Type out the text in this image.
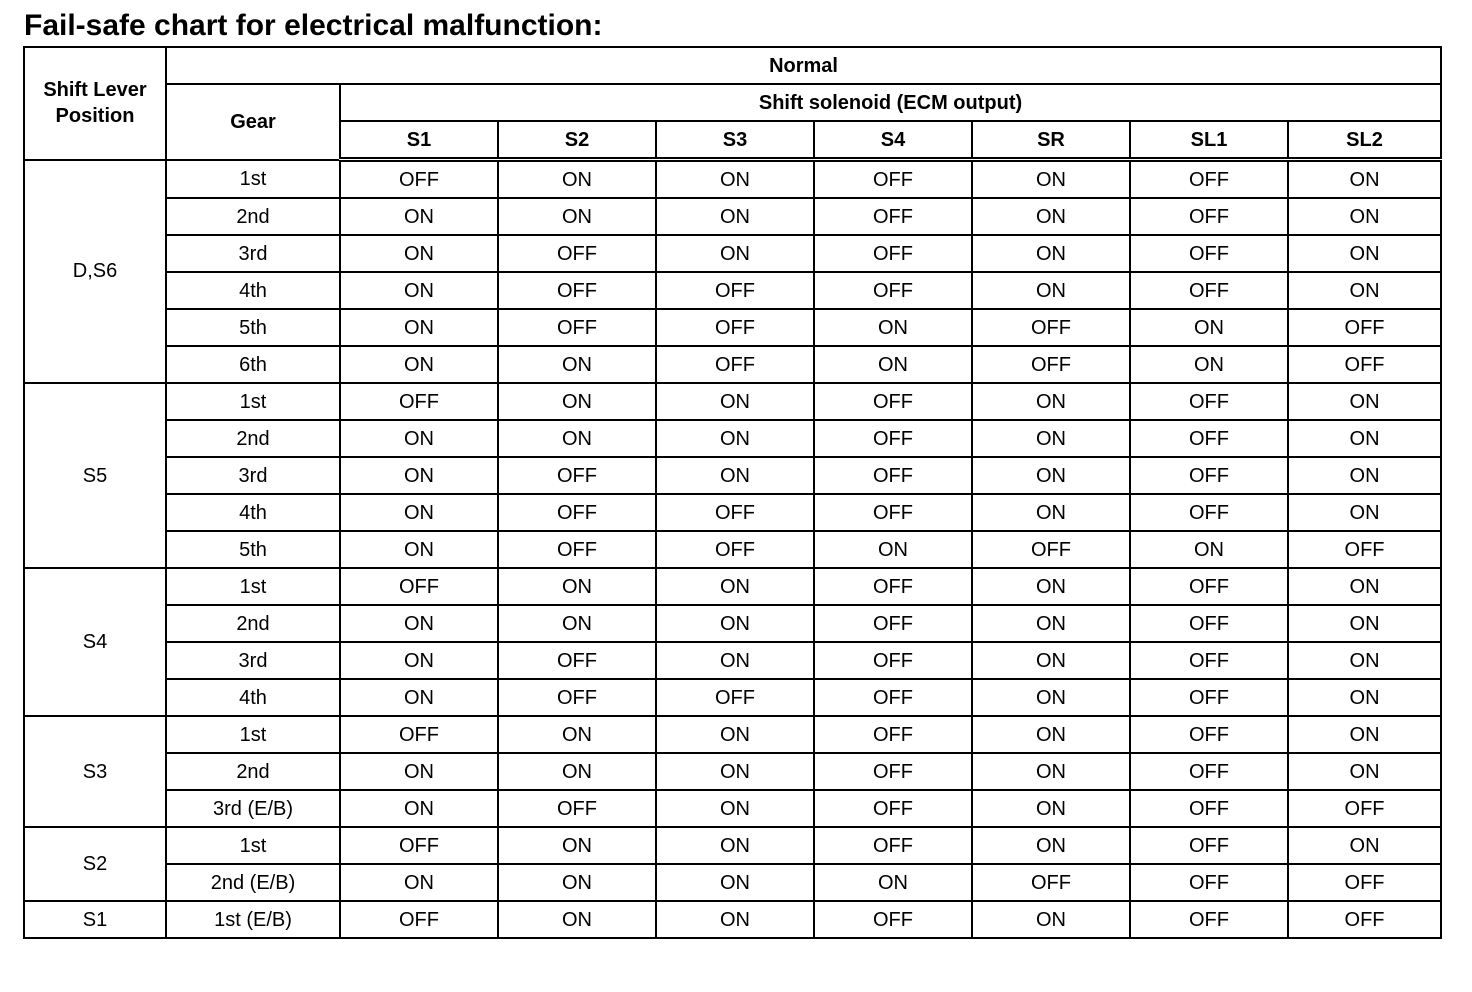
Fail-safe chart for electrical malfunction:
Shift Lever Position	Normal							
	Gear	Shift solenoid (ECM output)						
		S1	S2	S3	S4	SR	SL1	SL2
D,S6	1st	OFF	ON	ON	OFF	ON	OFF	ON
	2nd	ON	ON	ON	OFF	ON	OFF	ON
	3rd	ON	OFF	ON	OFF	ON	OFF	ON
	4th	ON	OFF	OFF	OFF	ON	OFF	ON
	5th	ON	OFF	OFF	ON	OFF	ON	OFF
	6th	ON	ON	OFF	ON	OFF	ON	OFF
S5	1st	OFF	ON	ON	OFF	ON	OFF	ON
	2nd	ON	ON	ON	OFF	ON	OFF	ON
	3rd	ON	OFF	ON	OFF	ON	OFF	ON
	4th	ON	OFF	OFF	OFF	ON	OFF	ON
	5th	ON	OFF	OFF	ON	OFF	ON	OFF
S4	1st	OFF	ON	ON	OFF	ON	OFF	ON
	2nd	ON	ON	ON	OFF	ON	OFF	ON
	3rd	ON	OFF	ON	OFF	ON	OFF	ON
	4th	ON	OFF	OFF	OFF	ON	OFF	ON
S3	1st	OFF	ON	ON	OFF	ON	OFF	ON
	2nd	ON	ON	ON	OFF	ON	OFF	ON
	3rd (E/B)	ON	OFF	ON	OFF	ON	OFF	OFF
S2	1st	OFF	ON	ON	OFF	ON	OFF	ON
	2nd (E/B)	ON	ON	ON	ON	OFF	OFF	OFF
S1	1st (E/B)	OFF	ON	ON	OFF	ON	OFF	OFF
